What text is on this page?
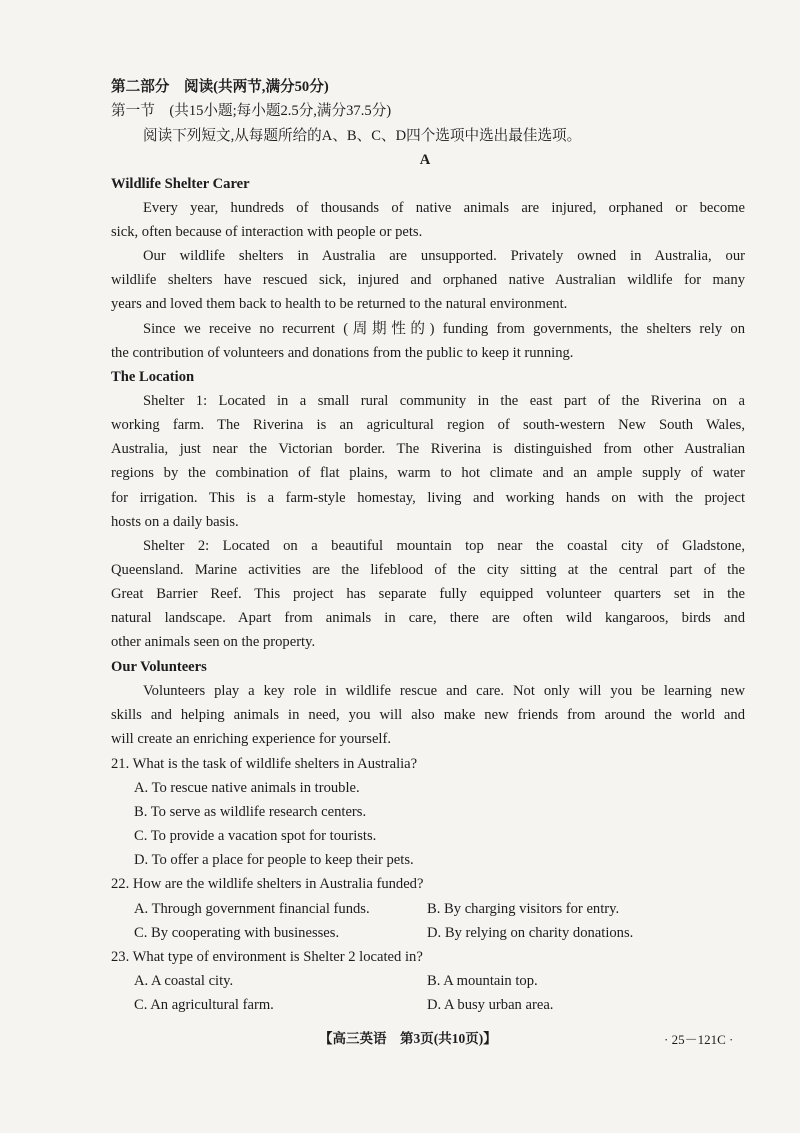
第二部分　阅读(共两节,满分50分)
第一节　(共15小题;每小题2.5分,满分37.5分)
阅读下列短文,从每题所给的A、B、C、D四个选项中选出最佳选项。
A
Wildlife Shelter Carer
Every year, hundreds of thousands of native animals are injured, orphaned or become
sick, often because of interaction with people or pets.
Our wildlife shelters in Australia are unsupported. Privately owned in Australia, our
wildlife shelters have rescued sick, injured and orphaned native Australian wildlife for many
years and loved them back to health to be returned to the natural environment.
Since we receive no recurrent (周期性的) funding from governments, the shelters rely on
the contribution of volunteers and donations from the public to keep it running.
The Location
Shelter 1: Located in a small rural community in the east part of the Riverina on a
working farm. The Riverina is an agricultural region of south-western New South Wales,
Australia, just near the Victorian border. The Riverina is distinguished from other Australian
regions by the combination of flat plains, warm to hot climate and an ample supply of water
for irrigation. This is a farm-style homestay, living and working hands on with the project
hosts on a daily basis.
Shelter 2: Located on a beautiful mountain top near the coastal city of Gladstone,
Queensland. Marine activities are the lifeblood of the city sitting at the central part of the
Great Barrier Reef. This project has separate fully equipped volunteer quarters set in the
natural landscape. Apart from animals in care, there are often wild kangaroos, birds and
other animals seen on the property.
Our Volunteers
Volunteers play a key role in wildlife rescue and care. Not only will you be learning new
skills and helping animals in need, you will also make new friends from around the world and
will create an enriching experience for yourself.
21. What is the task of wildlife shelters in Australia?
A. To rescue native animals in trouble.
B. To serve as wildlife research centers.
C. To provide a vacation spot for tourists.
D. To offer a place for people to keep their pets.
22. How are the wildlife shelters in Australia funded?
A. Through government financial funds.	B. By charging visitors for entry.
C. By cooperating with businesses.	D. By relying on charity donations.
23. What type of environment is Shelter 2 located in?
A. A coastal city.	B. A mountain top.
C. An agricultural farm.	D. A busy urban area.
【高三英语　第3页(共10页)】	· 25－121C ·
